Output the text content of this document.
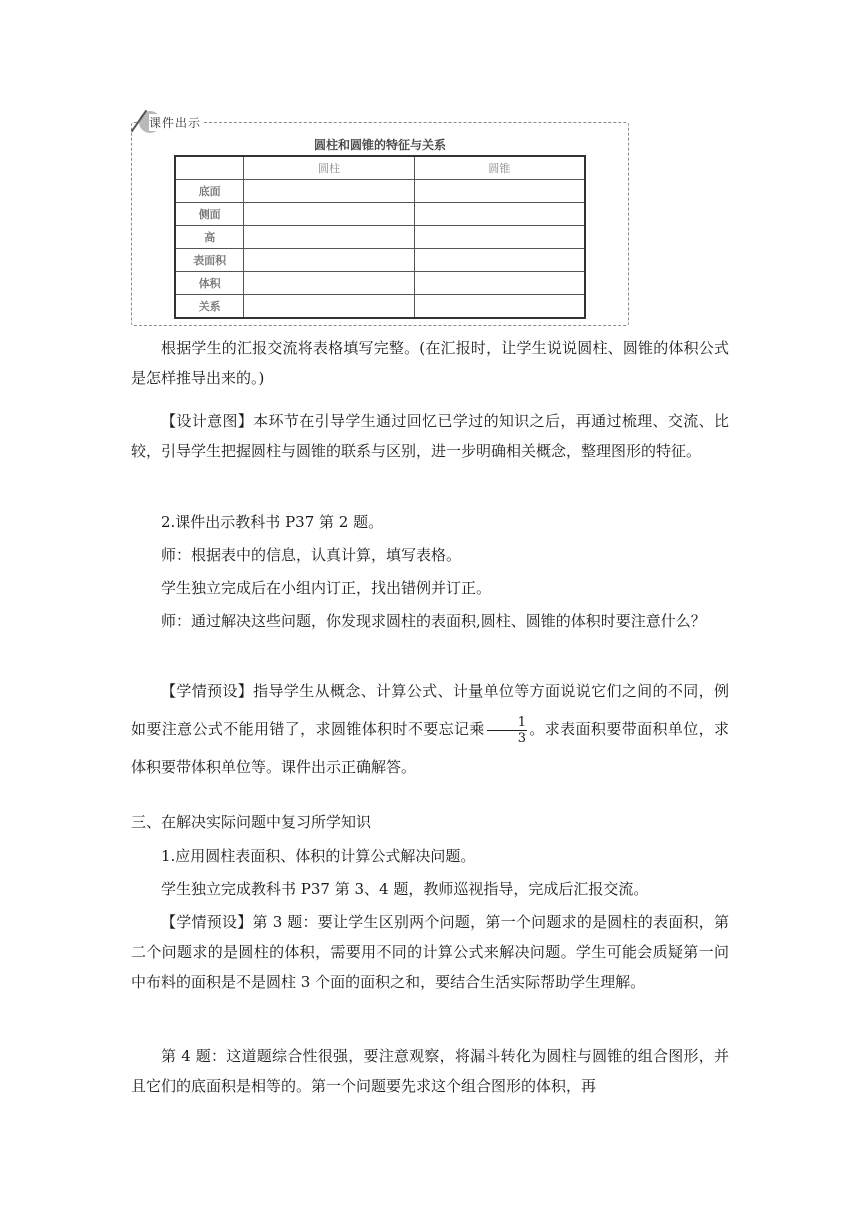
课件出示
圆柱和圆锥的特征与关系
	圆柱	圆锥
底面		
侧面		
高		
表面积		
体积		
关系		

根据学生的汇报交流将表格填写完整。(在汇报时，让学生说说圆柱、圆锥的体积公式是怎样推导出来的。)

【设计意图】本环节在引导学生通过回忆已学过的知识之后，再通过梳理、交流、比较，引导学生把握圆柱与圆锥的联系与区别，进一步明确相关概念，整理图形的特征。

2.课件出示教科书 P37 第 2 题。

师：根据表中的信息，认真计算，填写表格。

学生独立完成后在小组内订正，找出错例并订正。

师：通过解决这些问题，你发现求圆柱的表面积,圆柱、圆锥的体积时要注意什么？

【学情预设】指导学生从概念、计算公式、计量单位等方面说说它们之间的不同，例如要注意公式不能用错了，求圆锥体积时不要忘记乘 $\frac{1}{3}$ 。求表面积要带面积单位，求体积要带体积单位等。课件出示正确解答。

三、在解决实际问题中复习所学知识

1.应用圆柱表面积、体积的计算公式解决问题。

学生独立完成教科书 P37 第 3、4 题，教师巡视指导，完成后汇报交流。

【学情预设】第 3 题：要让学生区别两个问题，第一个问题求的是圆柱的表面积，第二个问题求的是圆柱的体积，需要用不同的计算公式来解决问题。学生可能会质疑第一问中布料的面积是不是圆柱 3 个面的面积之和，要结合生活实际帮助学生理解。

第 4 题：这道题综合性很强，要注意观察，将漏斗转化为圆柱与圆锥的组合图形，并且它们的底面积是相等的。第一个问题要先求这个组合图形的体积，再
